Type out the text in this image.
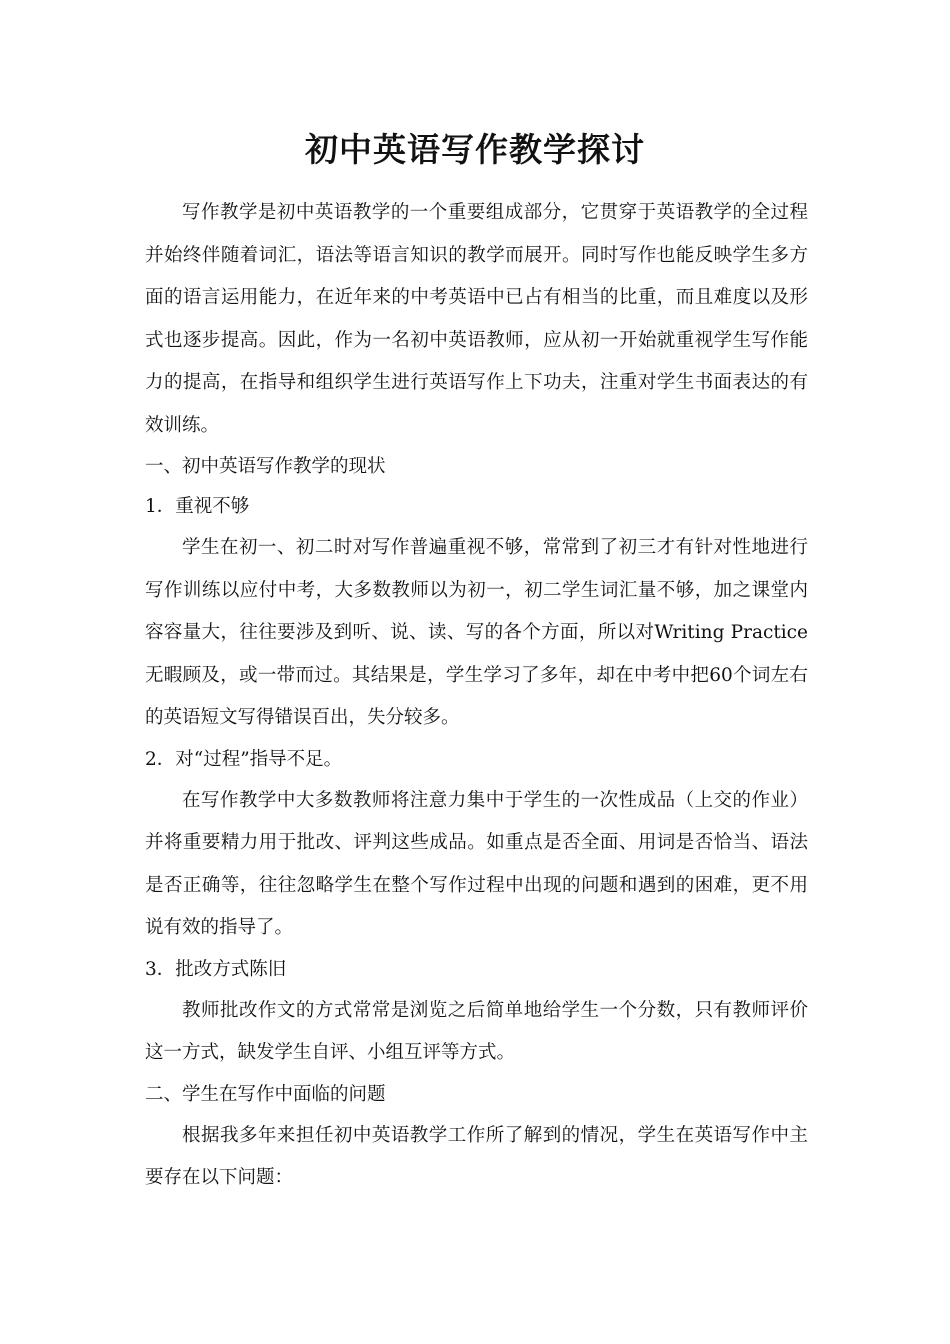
初中英语写作教学探讨

写作教学是初中英语教学的一个重要组成部分，它贯穿于英语教学的全过程并始终伴随着词汇，语法等语言知识的教学而展开。同时写作也能反映学生多方面的语言运用能力，在近年来的中考英语中已占有相当的比重，而且难度以及形式也逐步提高。因此，作为一名初中英语教师，应从初一开始就重视学生写作能力的提高，在指导和组织学生进行英语写作上下功夫，注重对学生书面表达的有效训练。

一、初中英语写作教学的现状

1．重视不够

学生在初一、初二时对写作普遍重视不够，常常到了初三才有针对性地进行写作训练以应付中考，大多数教师以为初一，初二学生词汇量不够，加之课堂内容容量大，往往要涉及到听、说、读、写的各个方面，所以对Writing Practice无暇顾及，或一带而过。其结果是，学生学习了多年，却在中考中把60个词左右的英语短文写得错误百出，失分较多。

2．对“过程”指导不足。

在写作教学中大多数教师将注意力集中于学生的一次性成品（上交的作业）并将重要精力用于批改、评判这些成品。如重点是否全面、用词是否恰当、语法是否正确等，往往忽略学生在整个写作过程中出现的问题和遇到的困难，更不用说有效的指导了。

3．批改方式陈旧

教师批改作文的方式常常是浏览之后简单地给学生一个分数，只有教师评价这一方式，缺发学生自评、小组互评等方式。

二、学生在写作中面临的问题

根据我多年来担任初中英语教学工作所了解到的情况，学生在英语写作中主要存在以下问题：
